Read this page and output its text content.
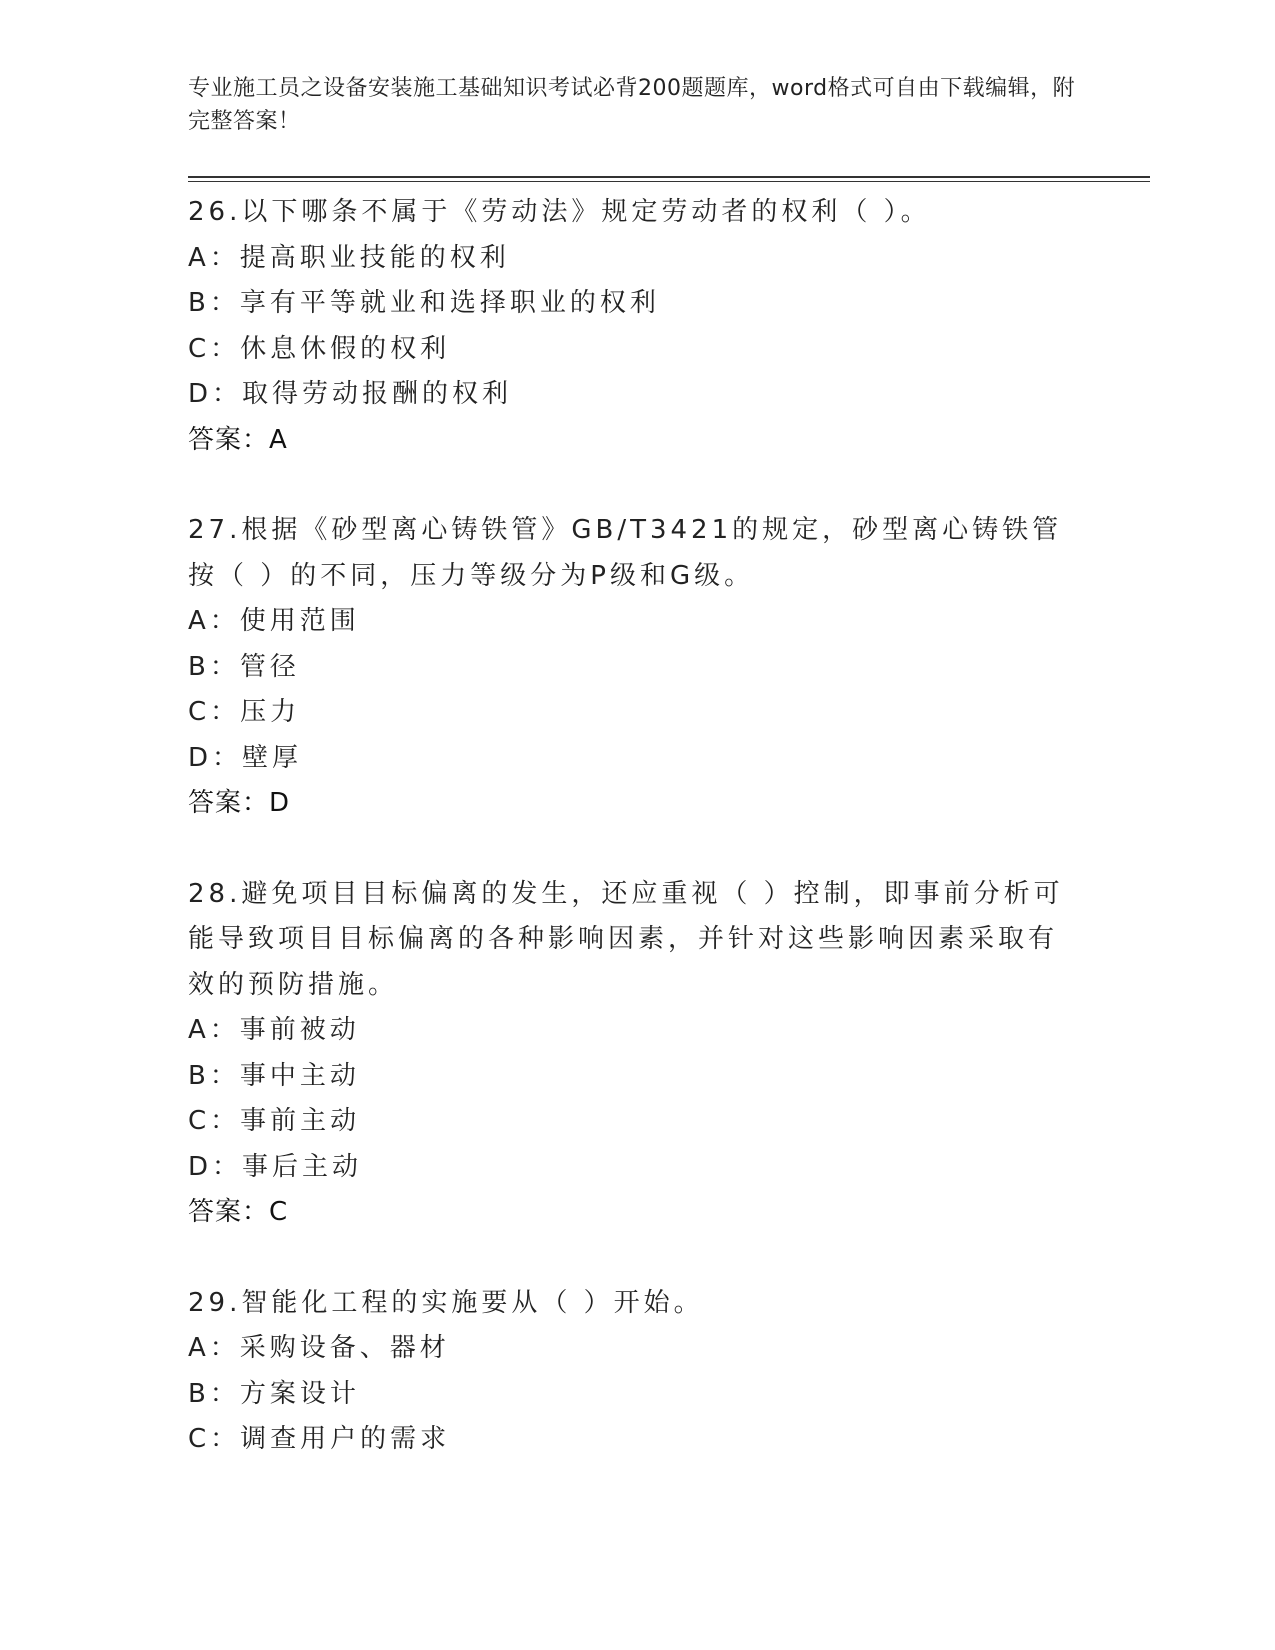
专业施工员之设备安装施工基础知识考试必背200题题库，word格式可自由下载编辑，附完整答案！
26.以下哪条不属于《劳动法》规定劳动者的权利（ ）。
A：提高职业技能的权利
B：享有平等就业和选择职业的权利
C：休息休假的权利
D：取得劳动报酬的权利
答案：A
27.根据《砂型离心铸铁管》GB/T3421的规定，砂型离心铸铁管按（ ）的不同，压力等级分为P级和G级。
A：使用范围
B：管径
C：压力
D：壁厚
答案：D
28.避免项目目标偏离的发生，还应重视（ ）控制，即事前分析可能导致项目目标偏离的各种影响因素，并针对这些影响因素采取有效的预防措施。
A：事前被动
B：事中主动
C：事前主动
D：事后主动
答案：C
29.智能化工程的实施要从（ ）开始。
A：采购设备、器材
B：方案设计
C：调查用户的需求
